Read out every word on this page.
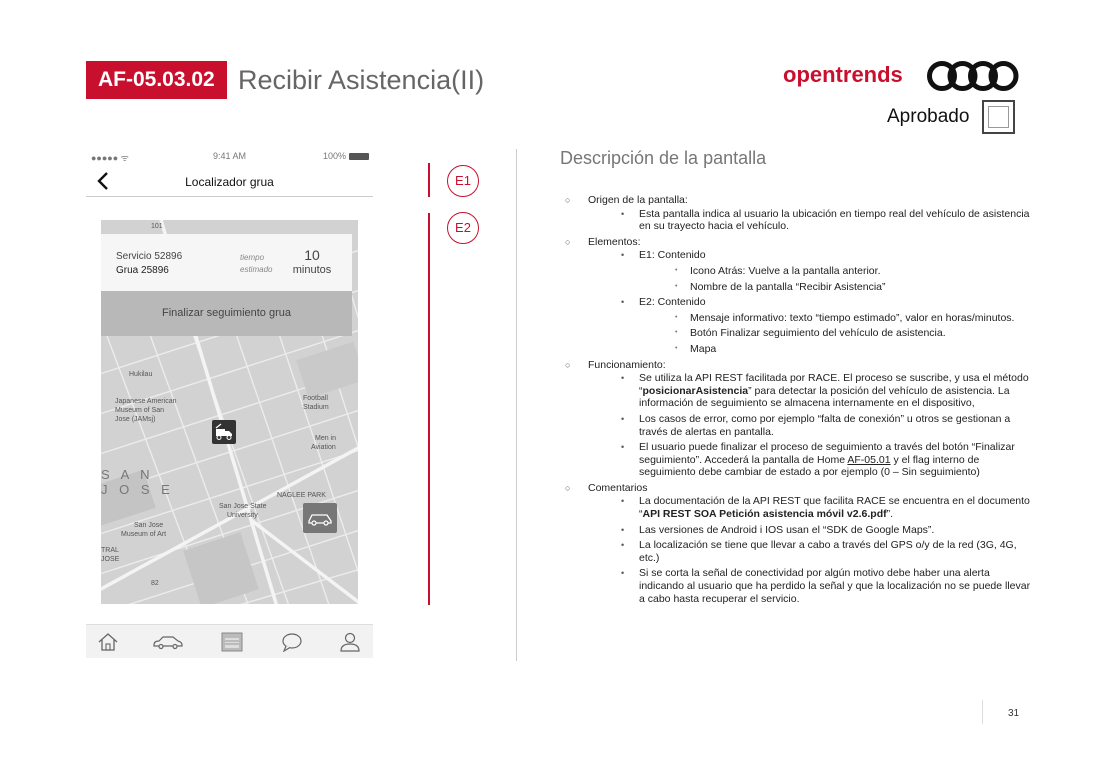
AF-05.03.02 Recibir Asistencia(II)	opentrends
Aprobado
●●●●● ᯤ	9:41 AM	100%
Localizador grua
101
Hukilau
Japanese American
Museum of San
Jose (JAMsj)
Football
Stadium
Men in
Aviation
S A N
J O S E	NAGLEE PARK
San Jose State
University
San Jose
Museum of Art
TRAL
JOSE
82
Servicio 52896
Grua 25896
tiempo
estimado
10
minutos
Finalizar seguimiento grua
E1
E2
Descripción de la pantalla
○ Origen de la pantalla:
• Esta pantalla indica al usuario la ubicación en tiempo real del vehículo de asistencia en su trayecto hacia el vehículo.
○ Elementos:
• E1: Contenido
• Icono Atrás: Vuelve a la pantalla anterior.
• Nombre de la pantalla “Recibir Asistencia”
• E2: Contenido
• Mensaje informativo: texto “tiempo estimado”, valor en horas/minutos.
• Botón Finalizar seguimiento del vehículo de asistencia.
• Mapa
○ Funcionamiento:
• Se utiliza la API REST facilitada por RACE. El proceso se suscribe, y usa el método “posicionarAsistencia” para detectar la posición del vehículo de asistencia. La información de seguimiento se almacena internamente en el dispositivo,
• Los casos de error, como por ejemplo “falta de conexión” u otros se gestionan a través de alertas en pantalla.
• El usuario puede finalizar el proceso de seguimiento a través del botón “Finalizar seguimiento”. Accederá la pantalla de Home AF-05.01 y el flag interno de seguimiento debe cambiar de estado a por ejemplo (0 – Sin seguimiento)
○ Comentarios
• La documentación de la API REST que facilita RACE se encuentra en el documento “API REST SOA Petición asistencia móvil v2.6.pdf”.
• Las versiones de Android i IOS usan el “SDK de Google Maps”.
• La localización se tiene que llevar a cabo a través del GPS o/y de la red (3G, 4G, etc.)
• Si se corta la señal de conectividad por algún motivo debe haber una alerta indicando al usuario que ha perdido la señal y que la localización no se puede llevar a cabo hasta recuperar el servicio.
31
